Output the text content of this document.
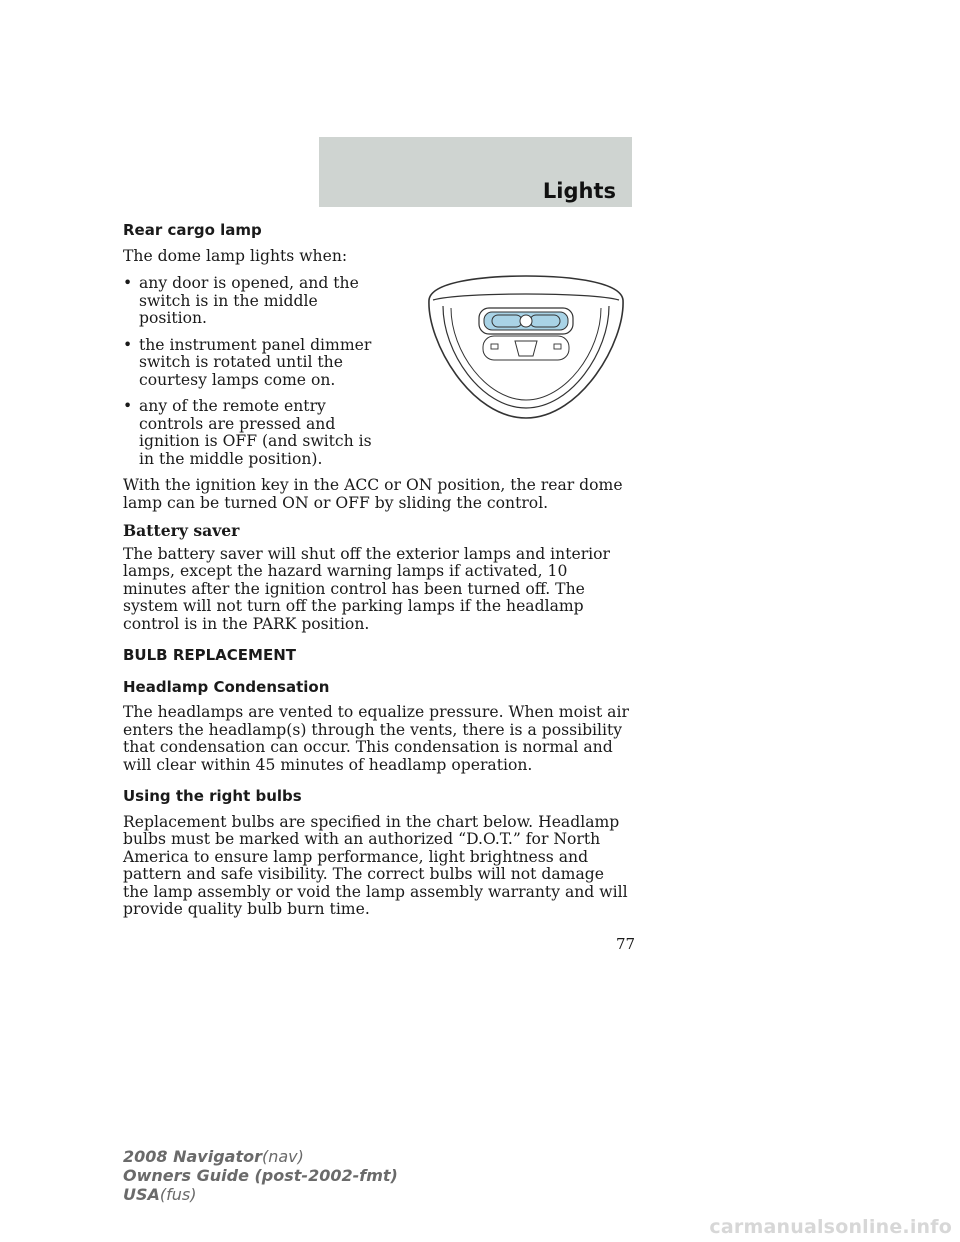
Lights
Rear cargo lamp

The dome lamp lights when:

• any door is opened, and the switch is in the middle position.
• the instrument panel dimmer switch is rotated until the courtesy lamps come on.
• any of the remote entry controls are pressed and ignition is OFF (and switch is in the middle position).

With the ignition key in the ACC or ON position, the rear dome lamp can be turned ON or OFF by sliding the control.

Battery saver

The battery saver will shut off the exterior lamps and interior lamps, except the hazard warning lamps if activated, 10 minutes after the ignition control has been turned off. The system will not turn off the parking lamps if the headlamp control is in the PARK position.

BULB REPLACEMENT
Headlamp Condensation

The headlamps are vented to equalize pressure. When moist air enters the headlamp(s) through the vents, there is a possibility that condensation can occur. This condensation is normal and will clear within 45 minutes of headlamp operation.

Using the right bulbs

Replacement bulbs are specified in the chart below. Headlamp bulbs must be marked with an authorized “D.O.T.” for North America to ensure lamp performance, light brightness and pattern and safe visibility. The correct bulbs will not damage the lamp assembly or void the lamp assembly warranty and will provide quality bulb burn time.

77
2008 Navigator(nav)
Owners Guide (post-2002-fmt)
USA(fus)
carmanualsonline.info
